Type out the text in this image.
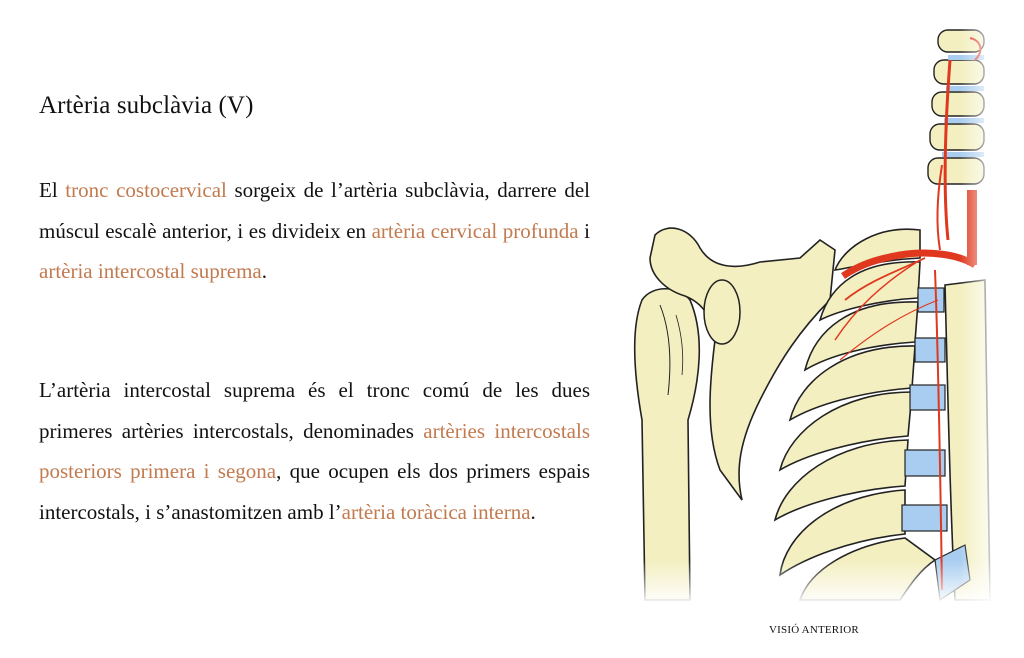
Artèria subclàvia (V)

El tronc costocervical sorgeix de l’artèria subclàvia, darrere del múscul escalè anterior, i es divideix en artèria cervical profunda i artèria intercostal suprema.

L’artèria intercostal suprema és el tronc comú de les dues primeres artèries intercostals, denominades artèries intercostals posteriors primera i segona, que ocupen els dos primers espais intercostals, i s’anastomitzen amb l’artèria toràcica interna.

VISIÓ ANTERIOR
